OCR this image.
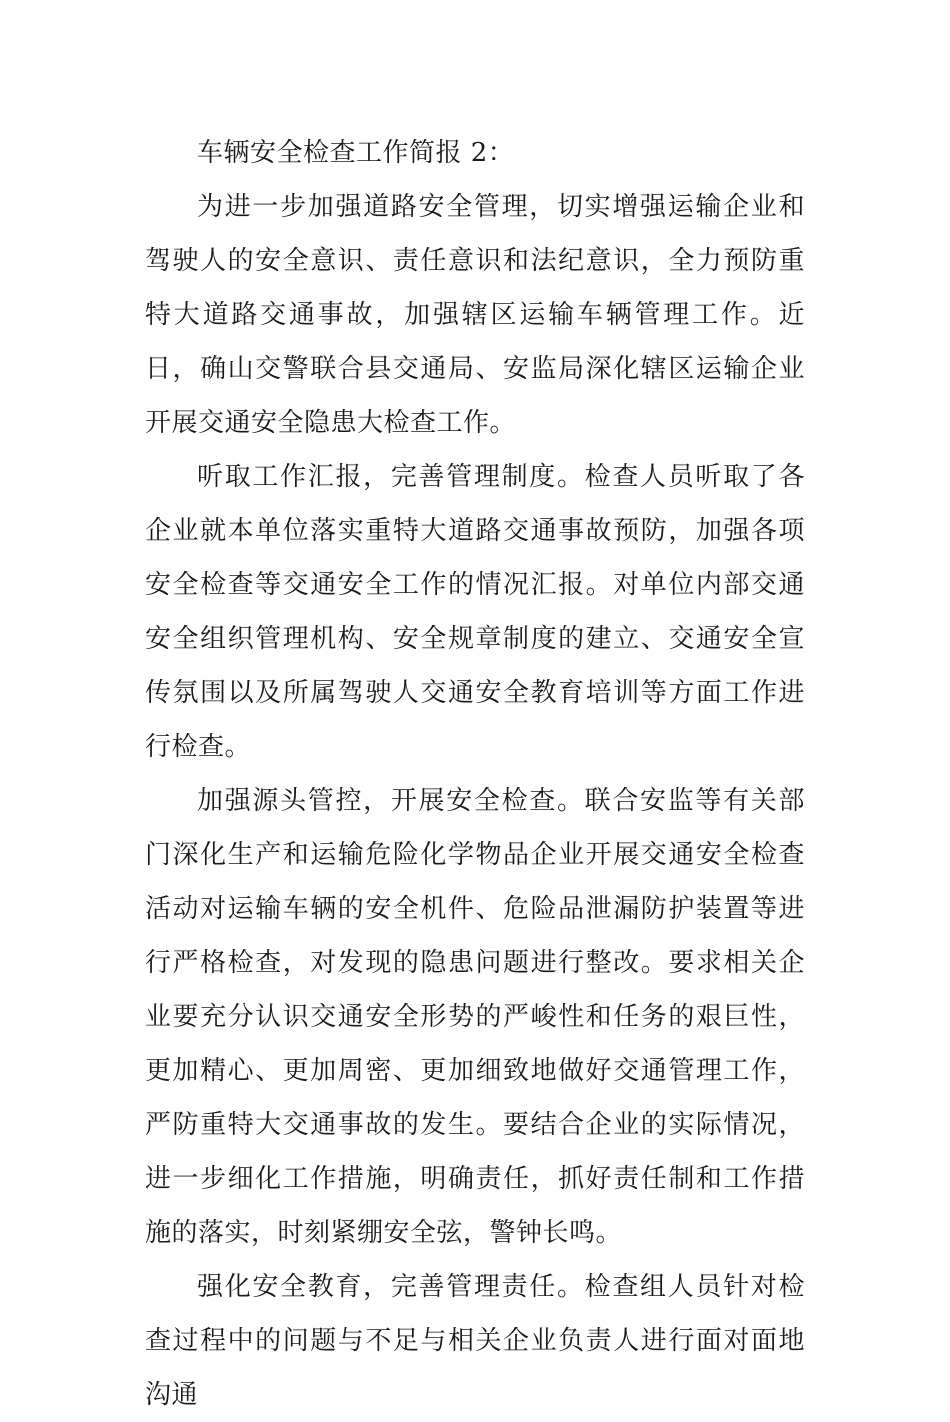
车辆安全检查工作简报 2：

为进一步加强道路安全管理，切实增强运输企业和驾驶人的安全意识、责任意识和法纪意识，全力预防重特大道路交通事故，加强辖区运输车辆管理工作。近日，确山交警联合县交通局、安监局深化辖区运输企业开展交通安全隐患大检查工作。

听取工作汇报，完善管理制度。检查人员听取了各企业就本单位落实重特大道路交通事故预防，加强各项安全检查等交通安全工作的情况汇报。对单位内部交通安全组织管理机构、安全规章制度的建立、交通安全宣传氛围以及所属驾驶人交通安全教育培训等方面工作进行检查。

加强源头管控，开展安全检查。联合安监等有关部门深化生产和运输危险化学物品企业开展交通安全检查活动对运输车辆的安全机件、危险品泄漏防护装置等进行严格检查，对发现的隐患问题进行整改。要求相关企业要充分认识交通安全形势的严峻性和任务的艰巨性，更加精心、更加周密、更加细致地做好交通管理工作，严防重特大交通事故的发生。要结合企业的实际情况，进一步细化工作措施，明确责任，抓好责任制和工作措施的落实，时刻紧绷安全弦，警钟长鸣。

强化安全教育，完善管理责任。检查组人员针对检查过程中的问题与不足与相关企业负责人进行面对面地沟通
